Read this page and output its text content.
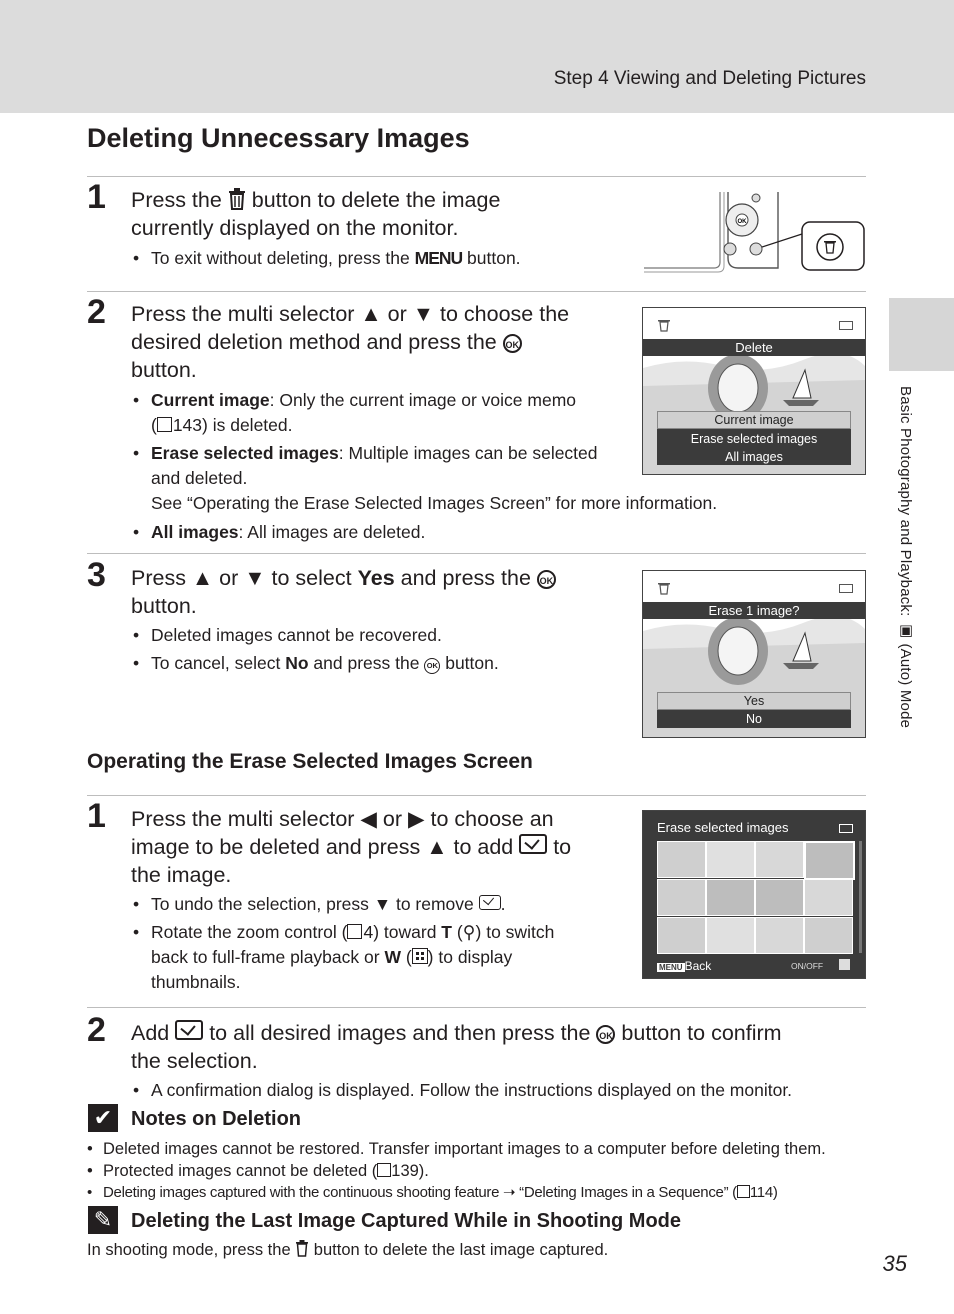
Step 4 Viewing and Deleting Pictures
Basic Photography and Playback: ▣ (Auto) Mode
Deleting Unnecessary Images
1 Press the  button to delete the image
currently displayed on the monitor.
• To exit without deleting, press the MENU button.
OK
2 Press the multi selector ▲ or ▼ to choose the
desired deletion method and press the OK
button.
• Current image: Only the current image or voice memo
( 143) is deleted.
• Erase selected images: Multiple images can be selected
and deleted.
See “Operating the Erase Selected Images Screen” for more information.
• All images: All images are deleted.
Delete
Current image
Erase selected images
All images
3 Press ▲ or ▼ to select Yes and press the OK
button.
• Deleted images cannot be recovered.
• To cancel, select No and press the OK button.
Erase 1 image?
Yes
No
Operating the Erase Selected Images Screen
1 Press the multi selector ◀ or ▶ to choose an
image to be deleted and press ▲ to add
to
the image.
• To undo the selection, press ▼ to remove
.
• Rotate the zoom control ( 4) toward T (⚲) to switch
back to full-frame playback or W ( ) to display
thumbnails.
Erase selected images
MENU Back	ON/OFF
2 Add
to all desired images and then press the OK button to confirm
the selection.
• A confirmation dialog is displayed. Follow the instructions displayed on the monitor.
✔ Notes on Deletion
• Deleted images cannot be restored. Transfer important images to a computer before deleting them.
• Protected images cannot be deleted ( 139).
• Deleting images captured with the continuous shooting feature ➝ “Deleting Images in a Sequence” ( 114)
✎ Deleting the Last Image Captured While in Shooting Mode
In shooting mode, press the  button to delete the last image captured.
35
